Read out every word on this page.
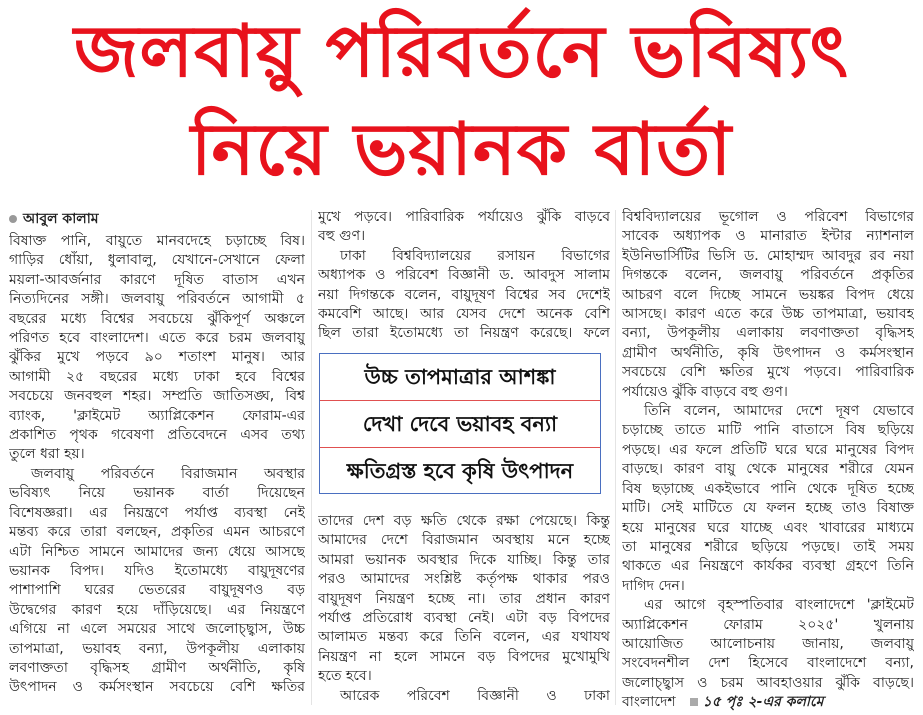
জলবায়ু পরিবর্তনে ভবিষ্যৎ
নিয়ে ভয়ানক বার্তা
আবুল কালাম
বিষাক্ত পানি, বায়ুতে মানবদেহে চড়াচ্ছে বিষ।
গাড়ির ধোঁয়া, ধুলাবালু, যেখানে-সেখানে ফেলা
ময়লা-আবর্জনার কারণে দূষিত বাতাস এখন
নিত্যদিনের সঙ্গী। জলবায়ু পরিবর্তনে আগামী ৫
বছরের মধ্যে বিশ্বের সবচেয়ে ঝুঁকিপূর্ণ অঞ্চলে
পরিণত হবে বাংলাদেশ। এতে করে চরম জলবায়ু
ঝুঁকির মুখে পড়বে ৯০ শতাংশ মানুষ। আর
আগামী ২৫ বছরের মধ্যে ঢাকা হবে বিশ্বের
সবচেয়ে জনবহুল শহর। সম্প্রতি জাতিসঙ্ঘ, বিশ্ব
ব্যাংক, 'ক্লাইমেট অ্যাপ্লিকেশন ফোরাম-এর
প্রকাশিত পৃথক গবেষণা প্রতিবেদনে এসব তথ্য
তুলে ধরা হয়।
জলবায়ু পরিবর্তনে বিরাজমান অবস্থার
ভবিষ্যৎ নিয়ে ভয়ানক বার্তা দিয়েছেন
বিশেষজ্ঞরা। এর নিয়ন্ত্রণে পর্যাপ্ত ব্যবস্থা নেই
মন্তব্য করে তারা বলছেন, প্রকৃতির এমন আচরণে
এটা নিশ্চিত সামনে আমাদের জন্য ধেয়ে আসছে
ভয়ানক বিপদ। যদিও ইতোমধ্যে বায়ুদূষণের
পাশাপাশি ঘরের ভেতরের বায়ুদূষণও বড়
উদ্বেগের কারণ হয়ে দাঁড়িয়েছে। এর নিয়ন্ত্রণে
এগিয়ে না এলে সময়ের সাথে জলোচ্ছ্বাস, উচ্চ
তাপমাত্রা, ভয়াবহ বন্যা, উপকূলীয় এলাকায়
লবণাক্ততা বৃদ্ধিসহ গ্রামীণ অর্থনীতি, কৃষি
উৎপাদন ও কর্মসংস্থান সবচেয়ে বেশি ক্ষতির
মুখে পড়বে। পারিবারিক পর্যায়েও ঝুঁকি বাড়বে
বহু গুণ।
ঢাকা বিশ্ববিদ্যালয়ের রসায়ন বিভাগের
অধ্যাপক ও পরিবেশ বিজ্ঞানী ড. আবদুস সালাম
নয়া দিগন্তকে বলেন, বায়ুদূষণ বিশ্বের সব দেশেই
কমবেশি আছে। আর যেসব দেশে অনেক বেশি
ছিল তারা ইতোমধ্যে তা নিয়ন্ত্রণ করেছে। ফলে
উচ্চ তাপমাত্রার আশঙ্কা
দেখা দেবে ভয়াবহ বন্যা
ক্ষতিগ্রস্ত হবে কৃষি উৎপাদন
তাদের দেশ বড় ক্ষতি থেকে রক্ষা পেয়েছে। কিন্তু
আমাদের দেশে বিরাজমান অবস্থায় মনে হচ্ছে
আমরা ভয়ানক অবস্থার দিকে যাচ্ছি। কিন্তু তার
পরও আমাদের সংশ্লিষ্ট কর্তৃপক্ষ থাকার পরও
বায়ুদূষণ নিয়ন্ত্রণ হচ্ছে না। তার প্রধান কারণ
পর্যাপ্ত প্রতিরোধ ব্যবস্থা নেই। এটা বড় বিপদের
আলামত মন্তব্য করে তিনি বলেন, এর যথাযথ
নিয়ন্ত্রণ না হলে সামনে বড় বিপদের মুখোমুখি
হতে হবে।
আরেক পরিবেশ বিজ্ঞানী ও ঢাকা
বিশ্ববিদ্যালয়ের ভূগোল ও পরিবেশ বিভাগের
সাবেক অধ্যাপক ও মানারাত ইন্টার ন্যাশনাল
ইউনিভার্সিটির ভিসি ড. মোহাম্মদ আবদুর রব নয়া
দিগন্তকে বলেন, জলবায়ু পরিবর্তনে প্রকৃতির
আচরণ বলে দিচ্ছে সামনে ভয়ঙ্কর বিপদ ধেয়ে
আসছে। কারণ এতে করে উচ্চ তাপমাত্রা, ভয়াবহ
বন্যা, উপকূলীয় এলাকায় লবণাক্ততা বৃদ্ধিসহ
গ্রামীণ অর্থনীতি, কৃষি উৎপাদন ও কর্মসংস্থান
সবচেয়ে বেশি ক্ষতির মুখে পড়বে। পারিবারিক
পর্যায়েও ঝুঁকি বাড়বে বহু গুণ।
তিনি বলেন, আমাদের দেশে দূষণ যেভাবে
চড়াচ্ছে তাতে মাটি পানি বাতাসে বিষ ছড়িয়ে
পড়ছে। এর ফলে প্রতিটি ঘরে ঘরে মানুষের বিপদ
বাড়ছে। কারণ বায়ু থেকে মানুষের শরীরে যেমন
বিষ ছড়াচ্ছে একইভাবে পানি থেকে দূষিত হচ্ছে
মাটি। সেই মাটিতে যে ফলন হচ্ছে তাও বিষাক্ত
হয়ে মানুষের ঘরে যাচ্ছে এবং খাবারের মাধ্যমে
তা মানুষের শরীরে ছড়িয়ে পড়ছে। তাই সময়
থাকতে এর নিয়ন্ত্রণে কার্যকর ব্যবস্থা গ্রহণে তিনি
দাগিদ দেন।
এর আগে বৃহস্পতিবার বাংলাদেশে 'ক্লাইমেট
অ্যাপ্লিকেশন ফোরাম ২০২৫' খুলনায়
আয়োজিত আলোচনায় জানায়, জলবায়ু
সংবেদনশীল দেশ হিসেবে বাংলাদেশে বন্যা,
জলোচ্ছ্বাস ও চরম আবহাওয়ার ঝুঁকি বাড়ছে।
বাংলাদেশ ১৫ পৃঃ ২-এর কলামে
